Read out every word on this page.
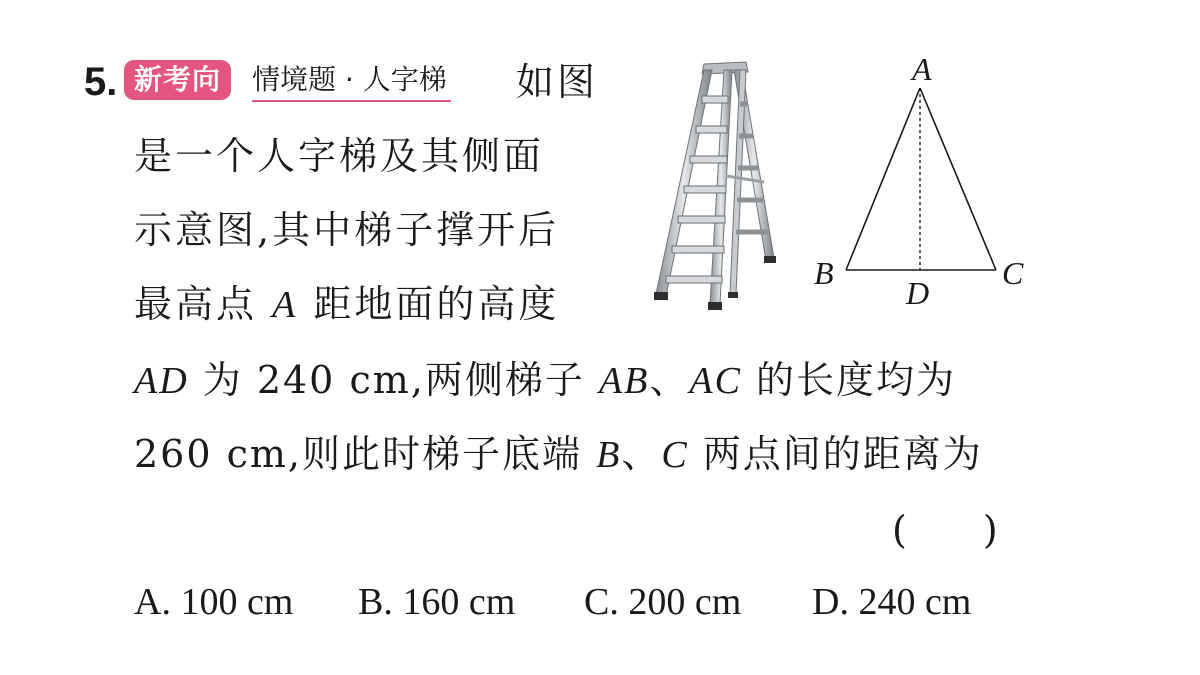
5. 新考向	情境题 · 人字梯 如图
是一个人字梯及其侧面
示意图,其中梯子撑开后
最高点 A 距地面的高度
AD 为 240 cm,两侧梯子 AB、AC 的长度均为
260 cm,则此时梯子底端 B、C 两点间的距离为
(　　)
A. 100 cm B. 160 cm C. 200 cm D. 240 cm
A
B	C
D
